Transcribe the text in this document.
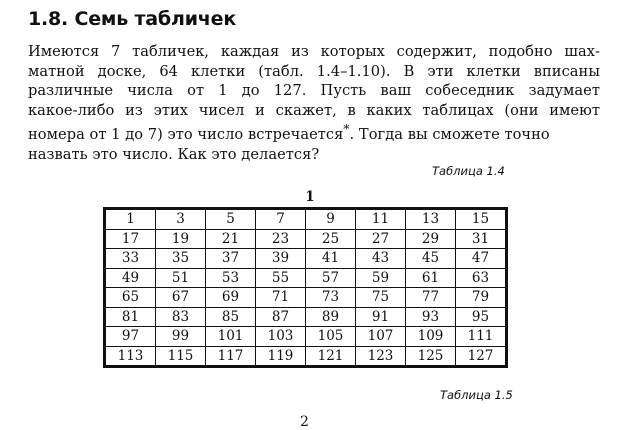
1.8. Семь табличек

Имеются 7 табличек, каждая из которых содержит, подобно шах-
матной доске, 64 клетки (табл. 1.4–1.10). В эти клетки вписаны
различные числа от 1 до 127. Пусть ваш собеседник задумает
какое-либо из этих чисел и скажет, в каких таблицах (они имеют
номера от 1 до 7) это число встречается*. Тогда вы сможете точно
назвать это число. Как это делается?

Таблица 1.4
1
1	3	5	7	9	11	13	15
17	19	21	23	25	27	29	31
33	35	37	39	41	43	45	47
49	51	53	55	57	59	61	63
65	67	69	71	73	75	77	79
81	83	85	87	89	91	93	95
97	99	101	103	105	107	109	111
113	115	117	119	121	123	125	127
Таблица 1.5
2
